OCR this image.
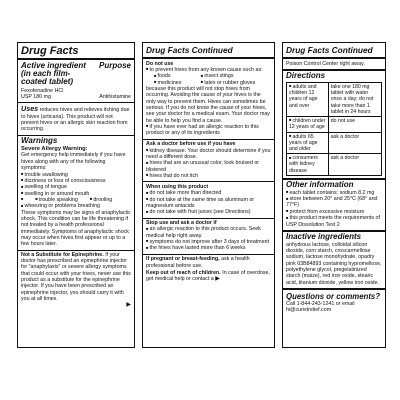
Drug Facts
Active ingredient (in each film-coated tablet)
Purpose
Fexofenadine HCl
USP 180 mg	Antihistamine
Uses reduces hives and relieves itching due to hives (urticaria). This product will not prevent hives or an allergic skin reaction from occurring.
Warnings
Severe Allergy Warning:
Get emergency help immediately if you have hives along with any of the following symptoms:
■ trouble swallowing
■ dizziness or loss of consciousness
■ swelling of tongue
■ swelling in or around mouth
■ ■ trouble speaking	■ drooling
■ wheezing or problems breathing
These symptoms may be signs of anaphylactic shock. This condition can be life threatening if not treated by a health professional immediately. Symptoms of anaphylactic shock may occur when hives first appear or up to a few hours later.
Not a Substitute for Epinephrine. If your doctor has prescribed an epinephrine injector for "anaphylaxis" or severe allergy symptoms that could occur with your hives, never use this product as a substitute for the epinephrine injector. If you have been prescribed an epinephrine injector, you should carry it with you at all times.
▶
Drug Facts Continued
Do not use
■ to prevent hives from any known cause such as:
■ foods	■ insect stings
■ medicines	■ latex or rubber gloves
because this product will not stop hives from occurring. Avoiding the cause of your hives is the only way to prevent them. Hives can sometimes be serious. If you do not know the cause of your hives, see your doctor for a medical exam. Your doctor may be able to help you find a cause.
■ if you have ever had an allergic reaction to this product or any of its ingredients
Ask a doctor before use if you have
■ kidney disease. Your doctor should determine if you need a different dose.
■ hives that are an unusual color, look bruised or blistered
■ hives that do not itch
When using this product
■ do not take more than directed
■ do not take at the same time as aluminum or magnesium antacids
■ do not take with fruit juices (see Directions)
Stop use and ask a doctor if
■ an allergic reaction to this product occurs. Seek medical help right away.
■ symptoms do not improve after 3 days of treatment
■ the hives have lasted more than 6 weeks
If pregnant or breast-feeding, ask a health professional before use.
Keep out of reach of children. In case of overdose, get medical help or contact a ▶
Drug Facts Continued
Poison Control Center right away.
Directions
■ adults and children 12 years of age and over	take one 180 mg tablet with water once a day; do not take more than 1 tablet in 24 hours

■ children under 12 years of age	do not use

■ adults 65 years of age and older	ask a doctor

■ consumers with kidney disease	ask a doctor
Other information
■ each tablet contains: sodium 8.2 mg
■ store between 20° and 25°C (68° and 77°F)
■ protect from excessive moisture
■ this product meets the requirements of USP Dissolution Test 2
Inactive ingredients
anhydrous lactose, colloidal silicon dioxide, corn starch, croscarmellose sodium, lactose monohydrate, opadry pink 03B84893 containing hypromellose, polyethylene glycol, pregelatinized starch (maize), red iron oxide, stearic acid, titanium dioxide, yellow iron oxide.
Questions or comments?
Call 1-844-243-1241 or email
hi@curistrelief.com
